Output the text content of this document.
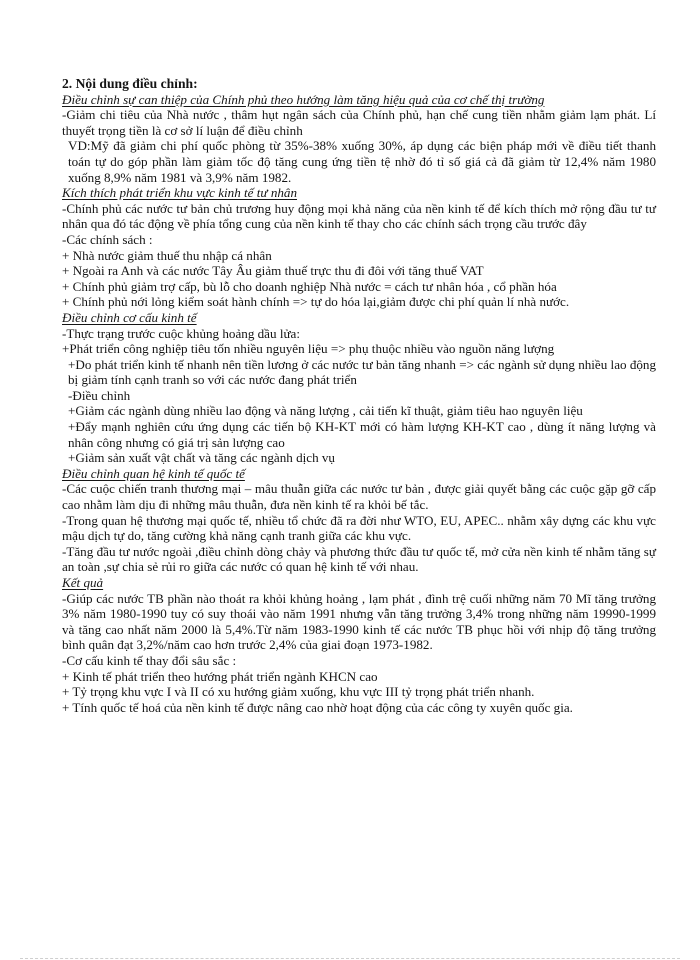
2. Nội dung điều chỉnh:

Điều chỉnh sự can thiệp của Chính phủ theo hướng làm tăng hiệu quả của cơ chế thị trường

-Giảm chi tiêu của Nhà nước , thâm hụt ngân sách của Chính phủ, hạn chế cung tiền nhằm giảm lạm phát. Lí thuyết trọng tiền là cơ sở lí luận để điều chỉnh

VD:Mỹ đã giảm chi phí quốc phòng từ 35%-38% xuống 30%, áp dụng các biện pháp mới về điều tiết thanh toán tự do góp phần làm giảm tốc độ tăng cung ứng tiền tệ nhờ đó tỉ số giá cả đã giảm từ 12,4% năm 1980 xuống 8,9% năm 1981 và 3,9% năm 1982.

Kích thích phát triển khu vực kinh tế tư nhân

-Chính phủ các nước tư bản chủ trương huy động mọi khả năng của nền kinh tế để kích thích mở rộng đầu tư tư nhân qua đó tác động về phía tổng cung của nền kinh tế thay cho các chính sách trọng cầu trước đây

-Các chính sách :

+ Nhà nước giảm thuế thu nhập cá nhân

+ Ngoài ra Anh và các nước Tây Âu giảm thuế trực thu đi đôi với tăng thuế VAT

+ Chính phủ giảm trợ cấp, bù lỗ cho doanh nghiệp Nhà nước = cách tư nhân hóa , cổ phần hóa

+ Chính phủ nới lỏng kiểm soát hành chính => tự do hóa lại,giảm được chi phí quản lí nhà nước.

Điều chỉnh cơ cấu kinh tế

-Thực trạng trước cuộc khủng hoảng dầu lửa:

+Phát triển công nghiệp tiêu tốn nhiều nguyên liệu => phụ thuộc nhiều vào nguồn năng lượng

+Do phát triển kinh tế nhanh nên tiền lương ở các nước tư bản tăng nhanh => các ngành sử dụng nhiều lao động bị giảm tính cạnh tranh so với các nước đang phát triển

-Điều chỉnh

+Giảm các ngành dùng nhiều lao động và năng lượng , cải tiến kĩ thuật, giảm tiêu hao nguyên liệu

+Đẩy mạnh nghiên cứu ứng dụng các tiến bộ KH-KT mới có hàm lượng KH-KT cao , dùng ít năng lượng và nhân công nhưng có giá trị sản lượng cao

+Giảm sản xuất vật chất và tăng các ngành dịch vụ

Điều chỉnh quan hệ kinh tế quốc tế

-Các cuộc chiến tranh thương mại – mâu thuẫn giữa các nước tư bản , được giải quyết bằng các cuộc gặp gỡ cấp cao nhằm làm dịu đi những mâu thuẫn, đưa nền kinh tế ra khỏi bế tắc.

-Trong quan hệ thương mại quốc tế, nhiều tổ chức đã ra đời như WTO, EU, APEC.. nhằm xây dựng các khu vực mậu dịch tự do, tăng cường khả năng cạnh tranh giữa các khu vực.

-Tăng đầu tư nước ngoài ,điều chỉnh dòng chảy và phương thức đầu tư quốc tế, mở cửa nền kinh tế nhằm tăng sự an toàn ,sự chia sẻ rủi ro giữa các nước có quan hệ kinh tế với nhau.

Kết quả

-Giúp các nước TB phần nào thoát ra khỏi khủng hoảng , lạm phát , đình trệ cuối những năm 70 Mĩ tăng trưởng 3% năm 1980-1990 tuy có suy thoái vào năm 1991 nhưng vẫn tăng trưởng 3,4% trong những năm 19990-1999 và tăng cao nhất năm 2000 là 5,4%.Từ năm 1983-1990 kinh tế các nước TB phục hồi với nhịp độ tăng trưởng bình quân đạt 3,2%/năm cao hơn trước 2,4% của giai đoạn 1973-1982.

-Cơ cấu kinh tế thay đổi sâu sắc :

+ Kinh tế phát triển theo hướng phát triển ngành KHCN cao

+ Tỷ trọng khu vực I và II có xu hướng giảm xuống, khu vực III tỷ trọng phát triển nhanh.

+ Tính quốc tế hoá của nền kinh tế được nâng cao nhờ hoạt động của các công ty xuyên quốc gia.
